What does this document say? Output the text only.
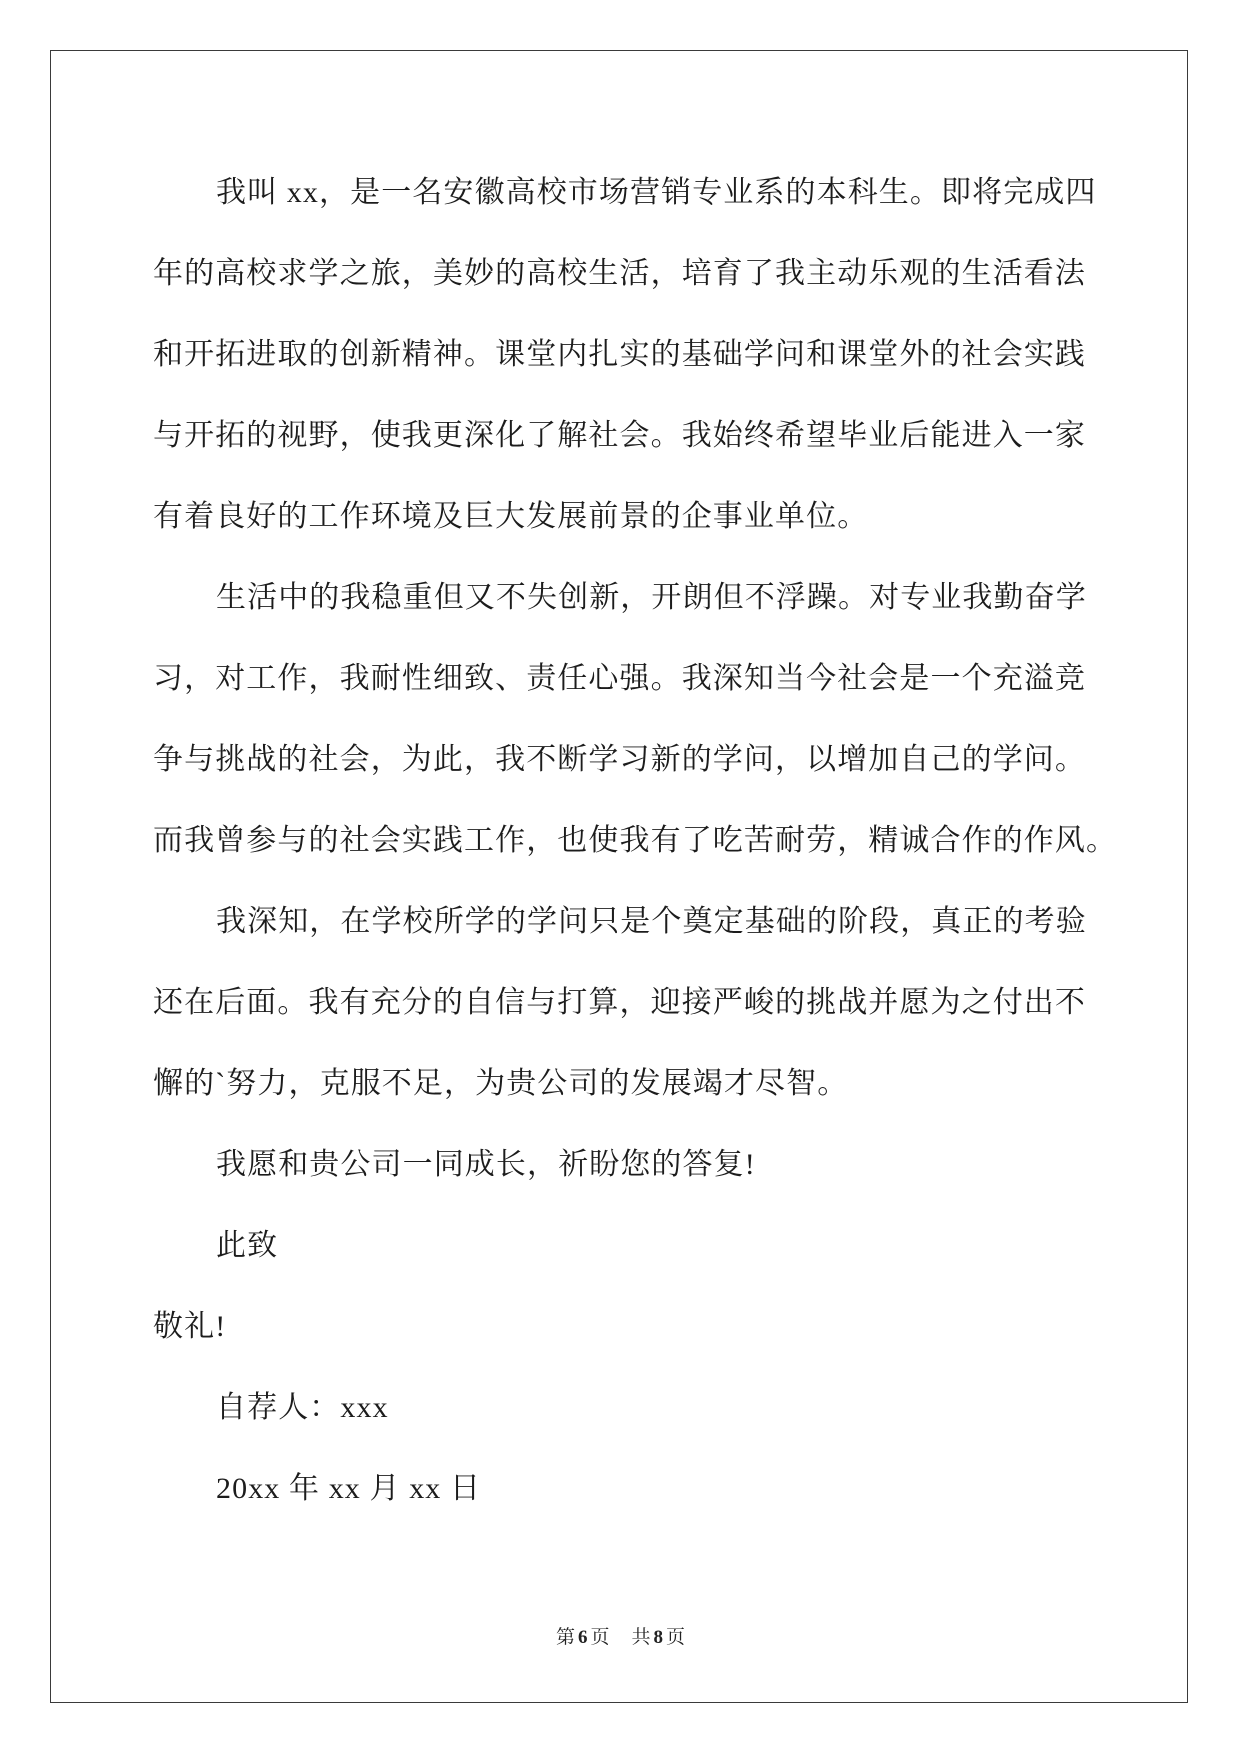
我叫 xx，是一名安徽高校市场营销专业系的本科生。即将完成四
年的高校求学之旅，美妙的高校生活，培育了我主动乐观的生活看法
和开拓进取的创新精神。课堂内扎实的基础学问和课堂外的社会实践
与开拓的视野，使我更深化了解社会。我始终希望毕业后能进入一家
有着良好的工作环境及巨大发展前景的企事业单位。
生活中的我稳重但又不失创新，开朗但不浮躁。对专业我勤奋学
习，对工作，我耐性细致、责任心强。我深知当今社会是一个充溢竞
争与挑战的社会，为此，我不断学习新的学问，以增加自己的学问。
而我曾参与的社会实践工作，也使我有了吃苦耐劳，精诚合作的作风。
我深知，在学校所学的学问只是个奠定基础的阶段，真正的考验
还在后面。我有充分的自信与打算，迎接严峻的挑战并愿为之付出不
懈的`努力，克服不足，为贵公司的发展竭才尽智。
我愿和贵公司一同成长，祈盼您的答复!
此致
敬礼!
自荐人：xxx
20xx 年 xx 月 xx 日
第 6 页 共 8 页
